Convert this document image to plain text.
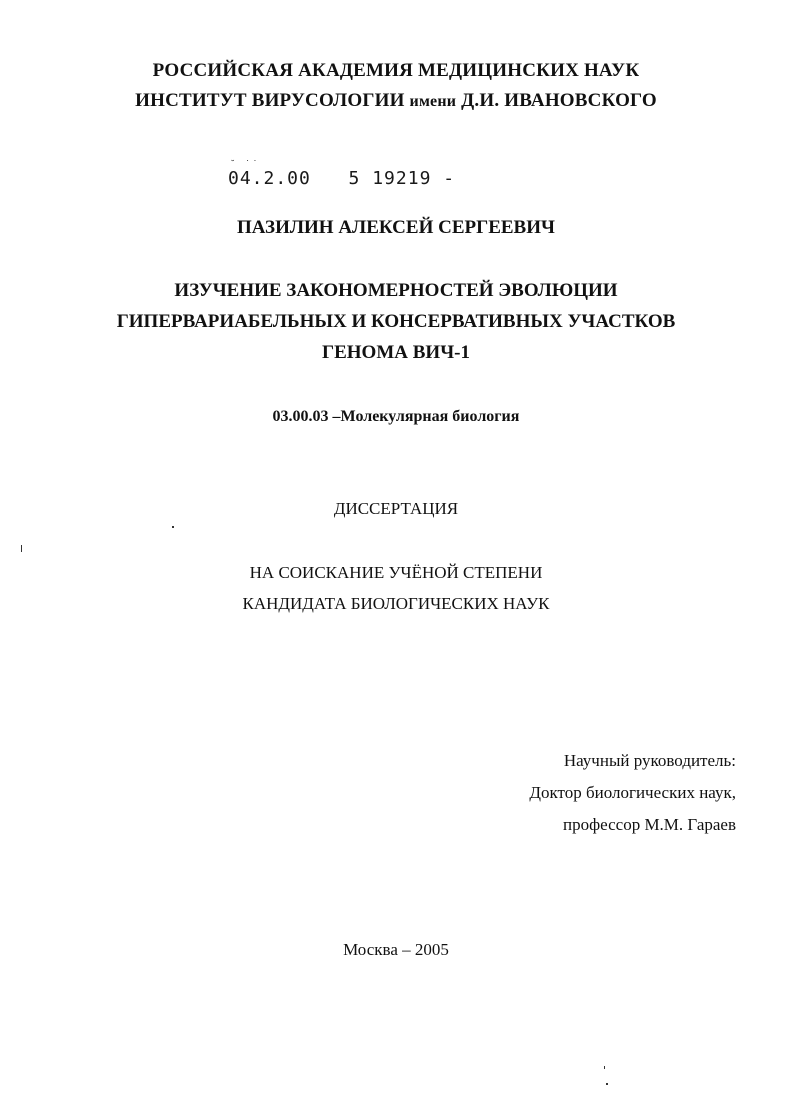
РОССИЙСКАЯ АКАДЕМИЯ МЕДИЦИНСКИХ НАУК
ИНСТИТУТ ВИРУСОЛОГИИ имени Д.И. ИВАНОВСКОГО
˘ ˙˙
04.2.00 5 19219 -
ПАЗИЛИН АЛЕКСЕЙ СЕРГЕЕВИЧ
ИЗУЧЕНИЕ ЗАКОНОМЕРНОСТЕЙ ЭВОЛЮЦИИ
ГИПЕРВАРИАБЕЛЬНЫХ И КОНСЕРВАТИВНЫХ УЧАСТКОВ
ГЕНОМА ВИЧ-1
03.00.03 –Молекулярная биология
ДИССЕРТАЦИЯ
НА СОИСКАНИЕ УЧЁНОЙ СТЕПЕНИ
КАНДИДАТА БИОЛОГИЧЕСКИХ НАУК
Научный руководитель:
Доктор биологических наук,
профессор М.М. Гараев
Москва – 2005
